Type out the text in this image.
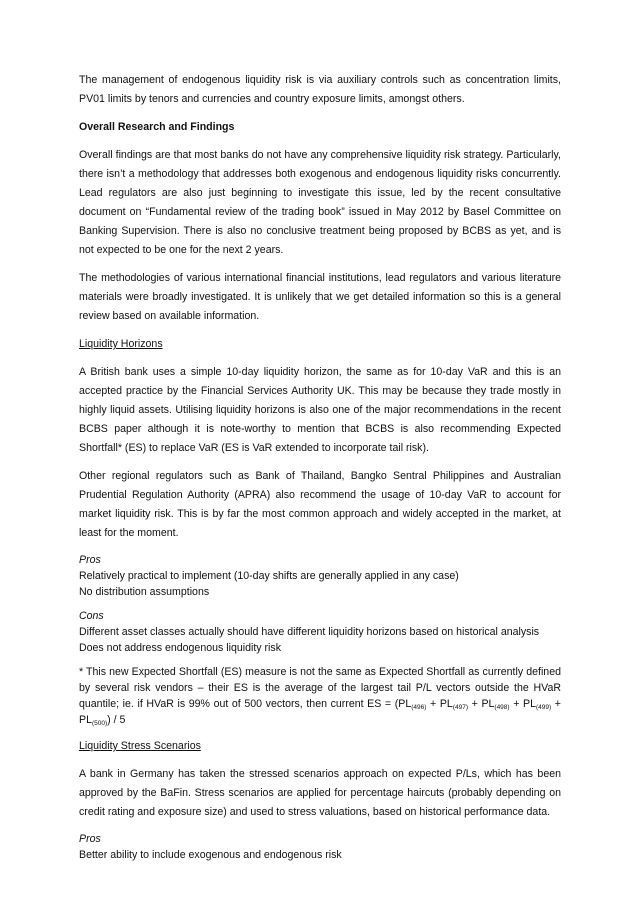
The management of endogenous liquidity risk is via auxiliary controls such as concentration limits, PV01 limits by tenors and currencies and country exposure limits, amongst others.

Overall Research and Findings

Overall findings are that most banks do not have any comprehensive liquidity risk strategy. Particularly, there isn’t a methodology that addresses both exogenous and endogenous liquidity risks concurrently. Lead regulators are also just beginning to investigate this issue, led by the recent consultative document on “Fundamental review of the trading book” issued in May 2012 by Basel Committee on Banking Supervision. There is also no conclusive treatment being proposed by BCBS as yet, and is not expected to be one for the next 2 years.

The methodologies of various international financial institutions, lead regulators and various literature materials were broadly investigated. It is unlikely that we get detailed information so this is a general review based on available information.

Liquidity Horizons

A British bank uses a simple 10-day liquidity horizon, the same as for 10-day VaR and this is an accepted practice by the Financial Services Authority UK. This may be because they trade mostly in highly liquid assets. Utilising liquidity horizons is also one of the major recommendations in the recent BCBS paper although it is note-worthy to mention that BCBS is also recommending Expected Shortfall* (ES) to replace VaR (ES is VaR extended to incorporate tail risk).

Other regional regulators such as Bank of Thailand, Bangko Sentral Philippines and Australian Prudential Regulation Authority (APRA) also recommend the usage of 10-day VaR to account for market liquidity risk. This is by far the most common approach and widely accepted in the market, at least for the moment.

Pros

Relatively practical to implement (10-day shifts are generally applied in any case)

No distribution assumptions

Cons

Different asset classes actually should have different liquidity horizons based on historical analysis

Does not address endogenous liquidity risk

* This new Expected Shortfall (ES) measure is not the same as Expected Shortfall as currently defined by several risk vendors – their ES is the average of the largest tail P/L vectors outside the HVaR quantile; ie. if HVaR is 99% out of 500 vectors, then current ES = $(PL_{(496)} + PL_{(497)} + PL_{(498)} + PL_{(499)} + PL_{(500)}) / 5$

Liquidity Stress Scenarios

A bank in Germany has taken the stressed scenarios approach on expected P/Ls, which has been approved by the BaFin. Stress scenarios are applied for percentage haircuts (probably depending on credit rating and exposure size) and used to stress valuations, based on historical performance data.

Pros

Better ability to include exogenous and endogenous risk
